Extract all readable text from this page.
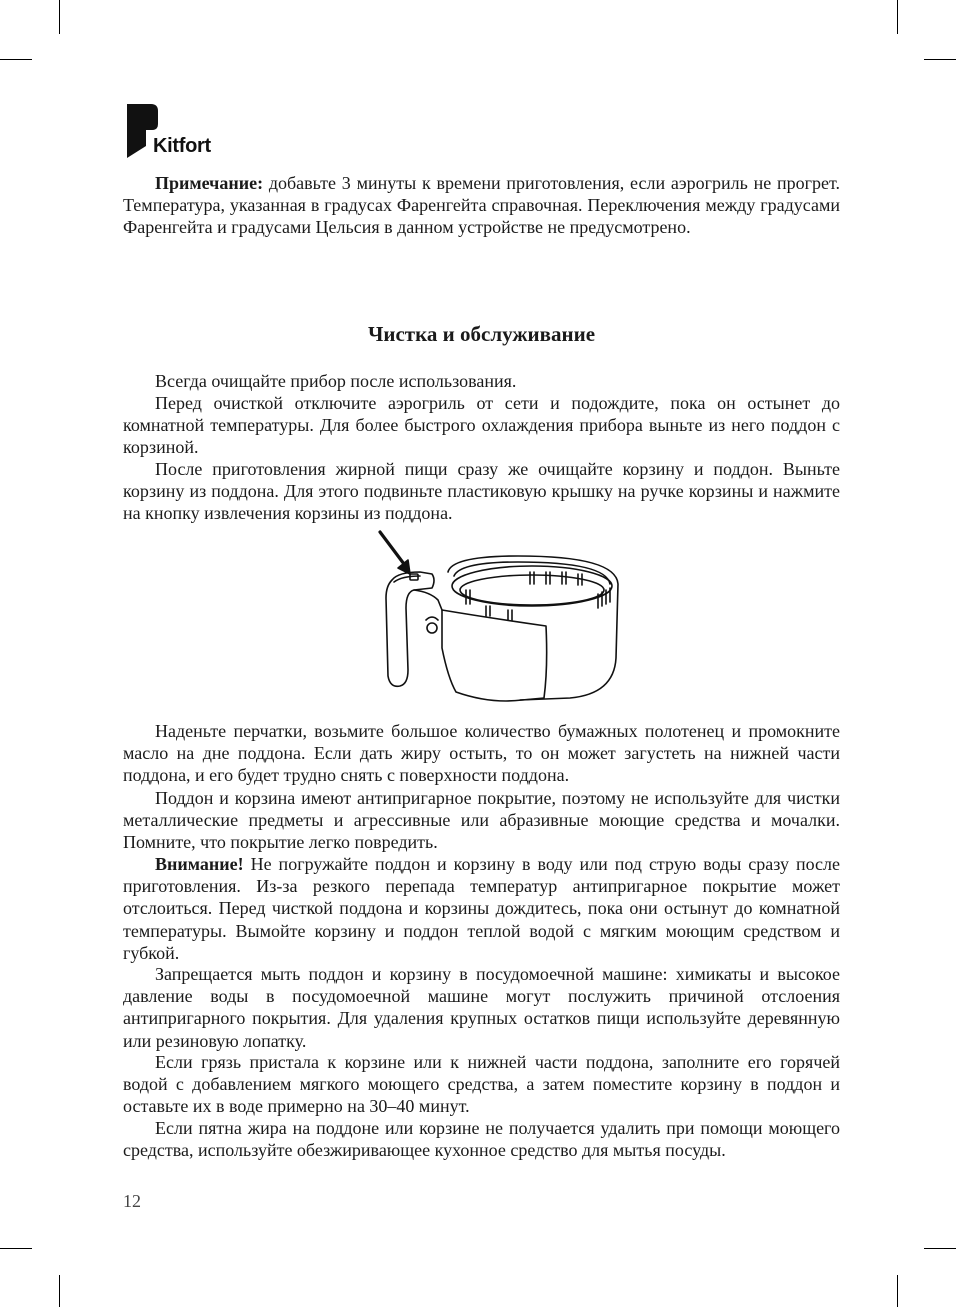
Kitfort

Примечание: добавьте 3 минуты к времени приготовления, если аэрогриль не прогрет. Температура, указанная в градусах Фаренгейта справочная. Переключения между градусами Фаренгейта и градусами Цельсия в данном устройстве не предусмотрено.

Чистка и обслуживание

Всегда очищайте прибор после использования.

Перед очисткой отключите аэрогриль от сети и подождите, пока он остынет до комнатной температуры. Для более быстрого охлаждения прибора выньте из него поддон с корзиной.

После приготовления жирной пищи сразу же очищайте корзину и поддон. Выньте корзину из поддона. Для этого подвиньте пластиковую крышку на ручке корзины и нажмите на кнопку извлечения корзины из поддона.

Наденьте перчатки, возьмите большое количество бумажных полотенец и промокните масло на дне поддона. Если дать жиру остыть, то он может загустеть на нижней части поддона, и его будет трудно снять с поверхности поддона.

Поддон и корзина имеют антипригарное покрытие, поэтому не используйте для чистки металлические предметы и агрессивные или абразивные моющие средства и мочалки. Помните, что покрытие легко повредить.

Внимание! Не погружайте поддон и корзину в воду или под струю воды сразу после приготовления. Из-за резкого перепада температур антипригарное покрытие может отслоиться. Перед чисткой поддона и корзины дождитесь, пока они остынут до комнатной температуры. Вымойте корзину и поддон теплой водой с мягким моющим средством и губкой.

Запрещается мыть поддон и корзину в посудомоечной машине: химикаты и высокое давление воды в посудомоечной машине могут послужить причиной отслоения антипригарного покрытия. Для удаления крупных остатков пищи используйте деревянную или резиновую лопатку.

Если грязь пристала к корзине или к нижней части поддона, заполните его горячей водой с добавлением мягкого моющего средства, а затем поместите корзину в поддон и оставьте их в воде примерно на 30–40 минут.

Если пятна жира на поддоне или корзине не получается удалить при помощи моющего средства, используйте обезжиривающее кухонное средство для мытья посуды.

12
